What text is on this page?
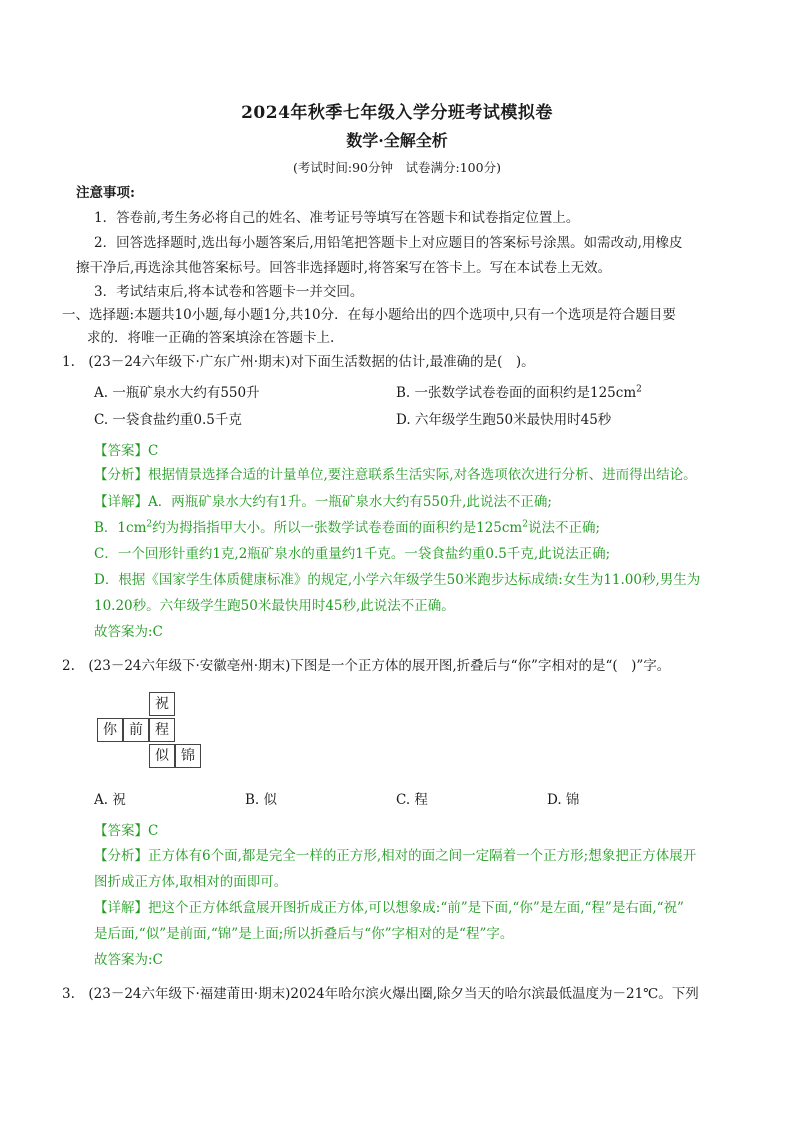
2024年秋季七年级入学分班考试模拟卷
数学·全解全析
(考试时间:90分钟　试卷满分:100分)
注意事项:
1．答卷前,考生务必将自己的姓名、准考证号等填写在答题卡和试卷指定位置上。
2．回答选择题时,选出每小题答案后,用铅笔把答题卡上对应题目的答案标号涂黑。如需改动,用橡皮
擦干净后,再选涂其他答案标号。回答非选择题时,将答案写在答卡上。写在本试卷上无效。
3．考试结束后,将本试卷和答题卡一并交回。
一、选择题:本题共10小题,每小题1分,共10分．在每小题给出的四个选项中,只有一个选项是符合题目要
求的．将唯一正确的答案填涂在答题卡上.
1.　(23－24六年级下·广东广州·期末)对下面生活数据的估计,最准确的是(　)。
A. 一瓶矿泉水大约有550升	B. 一张数学试卷卷面的面积约是$125cm^2$
C. 一袋食盐约重0.5千克	D. 六年级学生跑50米最快用时45秒
【答案】C
【分析】根据情景选择合适的计量单位,要注意联系生活实际,对各选项依次进行分析、进而得出结论。
【详解】A．两瓶矿泉水大约有1升。一瓶矿泉水大约有550升,此说法不正确;
B．$1cm^2$约为拇指指甲大小。所以一张数学试卷卷面的面积约是$125cm^2$说法不正确;
C．一个回形针重约1克,2瓶矿泉水的重量约1千克。一袋食盐约重0.5千克,此说法正确;
D．根据《国家学生体质健康标准》的规定,小学六年级学生50米跑步达标成绩:女生为11.00秒,男生为
10.20秒。六年级学生跑50米最快用时45秒,此说法不正确。
故答案为:C
2.　(23－24六年级下·安徽亳州·期末)下图是一个正方体的展开图,折叠后与“你”字相对的是“(　)”字。
祝
你 前 程
似 锦
A. 祝	B. 似	C. 程	D. 锦
【答案】C
【分析】正方体有6个面,都是完全一样的正方形,相对的面之间一定隔着一个正方形;想象把正方体展开
图折成正方体,取相对的面即可。
【详解】把这个正方体纸盒展开图折成正方体,可以想象成:“前”是下面,“你”是左面,“程”是右面,“祝”
是后面,“似”是前面,“锦”是上面;所以折叠后与“你”字相对的是“程”字。
故答案为:C
3.　(23－24六年级下·福建莆田·期末)2024年哈尔滨火爆出圈,除夕当天的哈尔滨最低温度为－21℃。下列
